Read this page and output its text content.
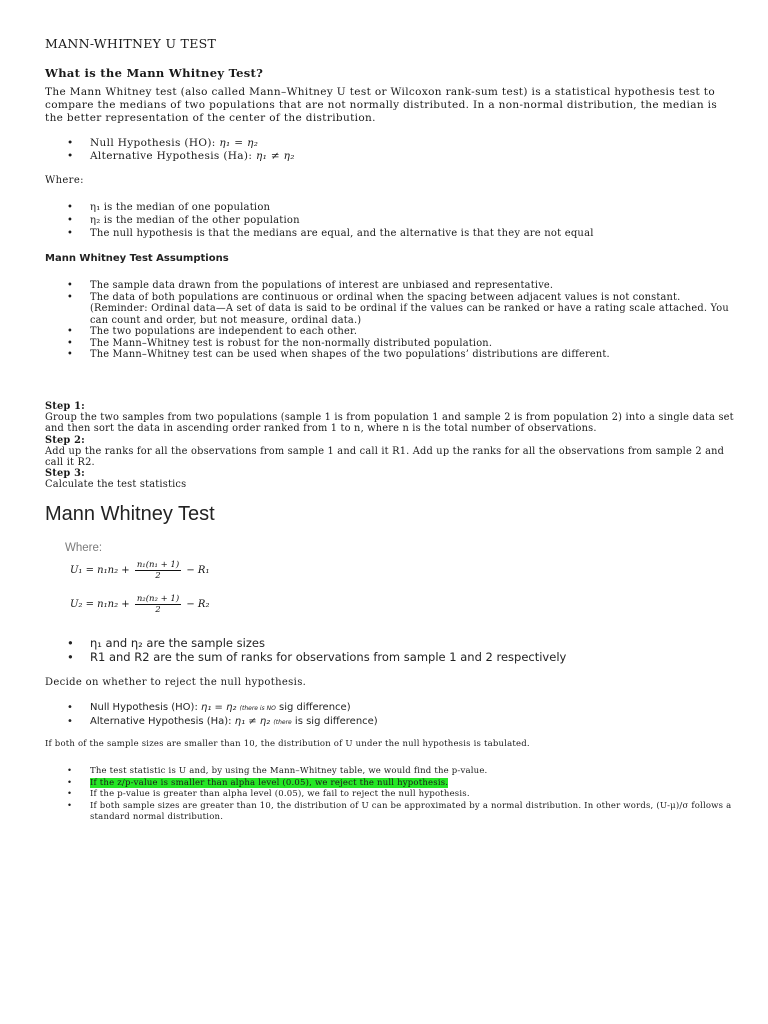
MANN-WHITNEY U TEST
What is the Mann Whitney Test?
The Mann Whitney test (also called Mann–Whitney U test or Wilcoxon rank-sum test) is a statistical hypothesis test to compare the medians of two populations that are not normally distributed. In a non-normal distribution, the median is the better representation of the center of the distribution.
• Null Hypothesis (HO): η₁ = η₂
• Alternative Hypothesis (Ha): η₁ ≠ η₂
Where:
• η₁ is the median of one population
• η₂ is the median of the other population
• The null hypothesis is that the medians are equal, and the alternative is that they are not equal
Mann Whitney Test Assumptions
• The sample data drawn from the populations of interest are unbiased and representative.
• The data of both populations are continuous or ordinal when the spacing between adjacent values is not constant. (Reminder: Ordinal data—A set of data is said to be ordinal if the values can be ranked or have a rating scale attached. You can count and order, but not measure, ordinal data.)
• The two populations are independent to each other.
• The Mann–Whitney test is robust for the non-normally distributed population.
• The Mann–Whitney test can be used when shapes of the two populations’ distributions are different.
Step 1:
Group the two samples from two populations (sample 1 is from population 1 and sample 2 is from population 2) into a single data set and then sort the data in ascending order ranked from 1 to n, where n is the total number of observations.
Step 2:
Add up the ranks for all the observations from sample 1 and call it R1. Add up the ranks for all the observations from sample 2 and call it R2.
Step 3:
Calculate the test statistics
Mann Whitney Test
Where:
$U_1 = n_1n_2 + \frac{\text{n₁(n₁ + 1)}}{2} - R_1$
$U_2 = n_1n_2 + \frac{\text{n₂(n₂ + 1)}}{2} - R_2$
• η₁ and η₂ are the sample sizes
• R1 and R2 are the sum of ranks for observations from sample 1 and 2 respectively
Decide on whether to reject the null hypothesis.
• Null Hypothesis (HO): η₁ = η₂ (there is NO sig difference)
• Alternative Hypothesis (Ha): η₁ ≠ η₂ (there is sig difference)
If both of the sample sizes are smaller than 10, the distribution of U under the null hypothesis is tabulated.
• The test statistic is U and, by using the Mann–Whitney table, we would find the p-value.
• If the z/p-value is smaller than alpha level (0.05), we reject the null hypothesis.
• If the p-value is greater than alpha level (0.05), we fail to reject the null hypothesis.
• If both sample sizes are greater than 10, the distribution of U can be approximated by a normal distribution. In other words, (U-μ)/σ follows a standard normal distribution.
